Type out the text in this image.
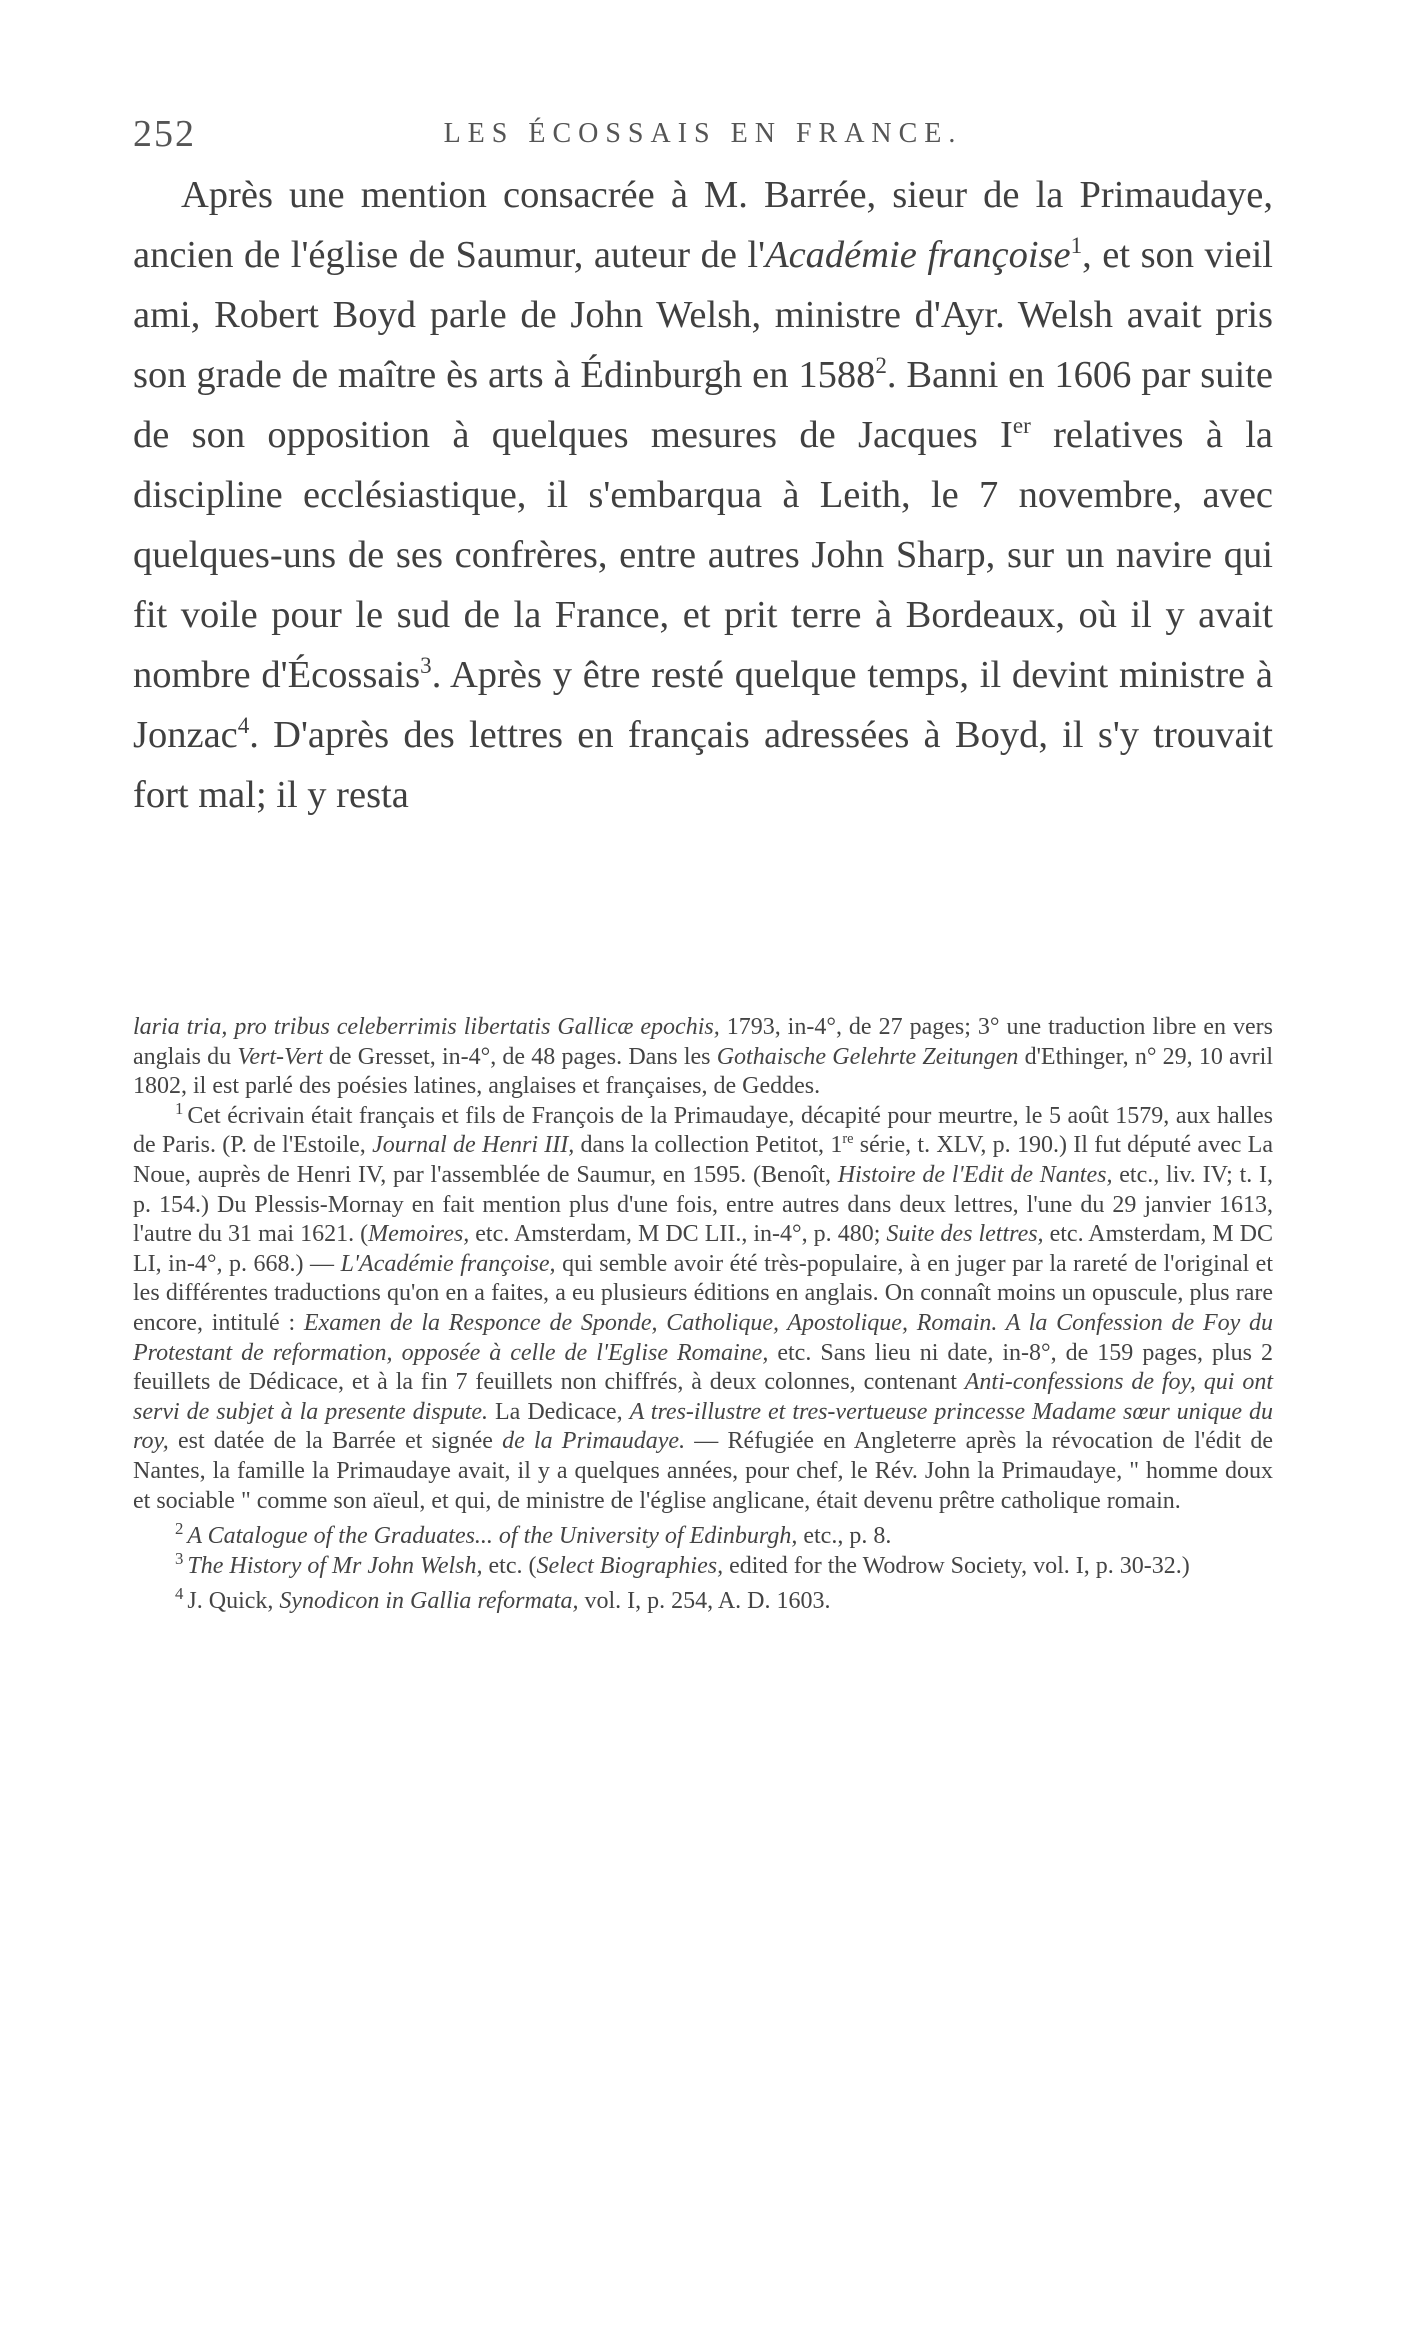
252	LES ÉCOSSAIS EN FRANCE.

Après une mention consacrée à M. Barrée, sieur de la Primaudaye, ancien de l'église de Saumur, auteur de l'Académie françoise$^1$, et son vieil ami, Robert Boyd parle de John Welsh, ministre d'Ayr. Welsh avait pris son grade de maître ès arts à Édinburgh en 1588$^2$. Banni en 1606 par suite de son opposition à quelques mesures de Jacques Ier relatives à la discipline ecclésiastique, il s'embarqua à Leith, le 7 novembre, avec quelques-uns de ses confrères, entre autres John Sharp, sur un navire qui fit voile pour le sud de la France, et prit terre à Bordeaux, où il y avait nombre d'Écossais$^3$. Après y être resté quelque temps, il devint ministre à Jonzac$^4$. D'après des lettres en français adressées à Boyd, il s'y trouvait fort mal; il y resta

laria tria, pro tribus celeberrimis libertatis Gallicæ epochis, 1793, in-4°, de 27 pages; 3° une traduction libre en vers anglais du Vert-Vert de Gresset, in-4°, de 48 pages. Dans les Gothaische Gelehrte Zeitungen d'Ethinger, n° 29, 10 avril 1802, il est parlé des poésies latines, anglaises et françaises, de Geddes.

$^1$ Cet écrivain était français et fils de François de la Primaudaye, décapité pour meurtre, le 5 août 1579, aux halles de Paris. (P. de l'Estoile, Journal de Henri III, dans la collection Petitot, 1re série, t. XLV, p. 190.) Il fut député avec La Noue, auprès de Henri IV, par l'assemblée de Saumur, en 1595. (Benoît, Histoire de l'Edit de Nantes, etc., liv. IV; t. I, p. 154.) Du Plessis-Mornay en fait mention plus d'une fois, entre autres dans deux lettres, l'une du 29 janvier 1613, l'autre du 31 mai 1621. (Memoires, etc. Amsterdam, M DC LII., in-4°, p. 480; Suite des lettres, etc. Amsterdam, M DC LI, in-4°, p. 668.) — L'Académie françoise, qui semble avoir été très-populaire, à en juger par la rareté de l'original et les différentes traductions qu'on en a faites, a eu plusieurs éditions en anglais. On connaît moins un opuscule, plus rare encore, intitulé : Examen de la Responce de Sponde, Catholique, Apostolique, Romain. A la Confession de Foy du Protestant de reformation, opposée à celle de l'Eglise Romaine, etc. Sans lieu ni date, in-8°, de 159 pages, plus 2 feuillets de Dédicace, et à la fin 7 feuillets non chiffrés, à deux colonnes, contenant Anti-confessions de foy, qui ont servi de subjet à la presente dispute. La Dedicace, A tres-illustre et tres-vertueuse princesse Madame sœur unique du roy, est datée de la Barrée et signée de la Primaudaye. — Réfugiée en Angleterre après la révocation de l'édit de Nantes, la famille la Primaudaye avait, il y a quelques années, pour chef, le Rév. John la Primaudaye, " homme doux et sociable " comme son aïeul, et qui, de ministre de l'église anglicane, était devenu prêtre catholique romain.

$^2$ A Catalogue of the Graduates... of the University of Edinburgh, etc., p. 8.

$^3$ The History of Mr John Welsh, etc. (Select Biographies, edited for the Wodrow Society, vol. I, p. 30-32.)

$^4$ J. Quick, Synodicon in Gallia reformata, vol. I, p. 254, A. D. 1603.
